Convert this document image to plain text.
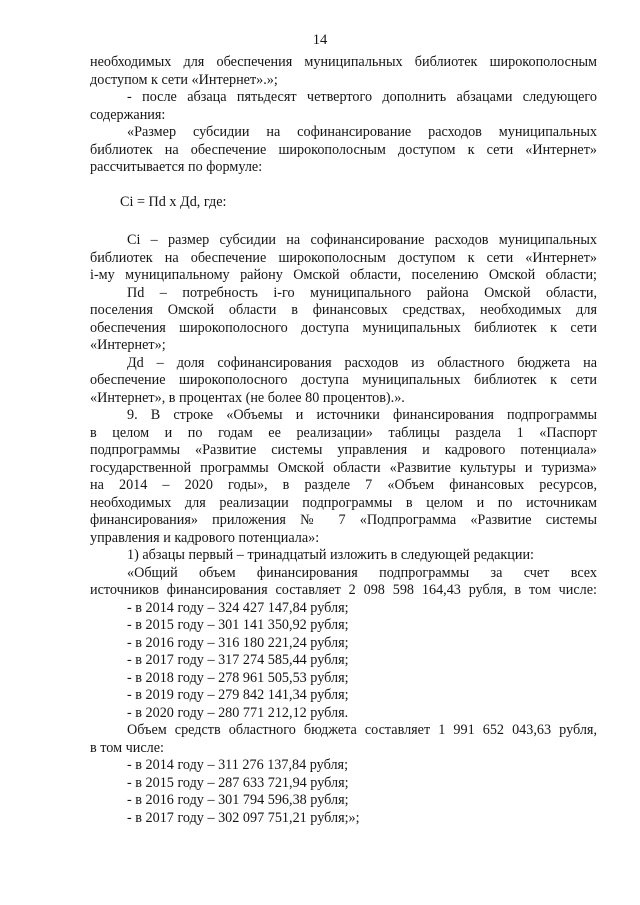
14
необходимых для обеспечения муниципальных библиотек широкополосным
доступом к сети «Интернет».»;
- после абзаца пятьдесят четвертого дополнить абзацами следующего
содержания:
«Размер субсидии на софинансирование расходов муниципальных
библиотек на обеспечение широкополосным доступом к сети «Интернет»
рассчитывается по формуле:
Ci = Пd x Дd, где:
Ci – размер субсидии на софинансирование расходов муниципальных
библиотек на обеспечение широкополосным доступом к сети «Интернет»
i-му муниципальному району Омской области, поселению Омской области;
Пd – потребность i-го муниципального района Омской области,
поселения Омской области в финансовых средствах, необходимых для
обеспечения широкополосного доступа муниципальных библиотек к сети
«Интернет»;
Дd – доля софинансирования расходов из областного бюджета на
обеспечение широкополосного доступа муниципальных библиотек к сети
«Интернет», в процентах (не более 80 процентов).».
9. В строке «Объемы и источники финансирования подпрограммы
в целом и по годам ее реализации» таблицы раздела 1 «Паспорт
подпрограммы «Развитие системы управления и кадрового потенциала»
государственной программы Омской области «Развитие культуры и туризма»
на 2014 – 2020 годы», в разделе 7 «Объем финансовых ресурсов,
необходимых для реализации подпрограммы в целом и по источникам
финансирования» приложения № 7 «Подпрограмма «Развитие системы
управления и кадрового потенциала»:
1) абзацы первый – тринадцатый изложить в следующей редакции:
«Общий объем финансирования подпрограммы за счет всех
источников финансирования составляет 2 098 598 164,43 рубля, в том числе:
- в 2014 году – 324 427 147,84 рубля;
- в 2015 году – 301 141 350,92 рубля;
- в 2016 году – 316 180 221,24 рубля;
- в 2017 году – 317 274 585,44 рубля;
- в 2018 году – 278 961 505,53 рубля;
- в 2019 году – 279 842 141,34 рубля;
- в 2020 году – 280 771 212,12 рубля.
Объем средств областного бюджета составляет 1 991 652 043,63 рубля,
в том числе:
- в 2014 году – 311 276 137,84 рубля;
- в 2015 году – 287 633 721,94 рубля;
- в 2016 году – 301 794 596,38 рубля;
- в 2017 году – 302 097 751,21 рубля;»;
